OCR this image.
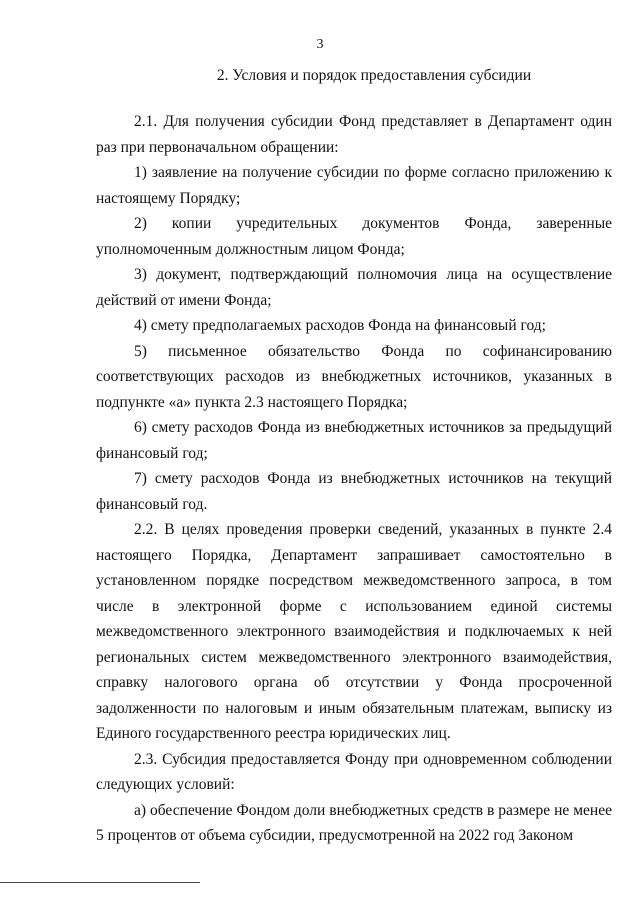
3
2. Условия и порядок предоставления субсидии

2.1. Для получения субсидии Фонд представляет в Департамент один раз при первоначальном обращении:

1) заявление на получение субсидии по форме согласно приложению к настоящему Порядку;

2) копии учредительных документов Фонда, заверенные уполномоченным должностным лицом Фонда;

3) документ, подтверждающий полномочия лица на осуществление действий от имени Фонда;

4) смету предполагаемых расходов Фонда на финансовый год;

5) письменное обязательство Фонда по софинансированию соответствующих расходов из внебюджетных источников, указанных в подпункте «а» пункта 2.3 настоящего Порядка;

6) смету расходов Фонда из внебюджетных источников за предыдущий финансовый год;

7) смету расходов Фонда из внебюджетных источников на текущий финансовый год.

2.2. В целях проведения проверки сведений, указанных в пункте 2.4 настоящего Порядка, Департамент запрашивает самостоятельно в установленном порядке посредством межведомственного запроса, в том числе в электронной форме с использованием единой системы межведомственного электронного взаимодействия и подключаемых к ней региональных систем межведомственного электронного взаимодействия, справку налогового органа об отсутствии у Фонда просроченной задолженности по налоговым и иным обязательным платежам, выписку из Единого государственного реестра юридических лиц.

2.3. Субсидия предоставляется Фонду при одновременном соблюдении следующих условий:

а) обеспечение Фондом доли внебюджетных средств в размере не менее 5 процентов от объема субсидии, предусмотренной на 2022 год Законом
